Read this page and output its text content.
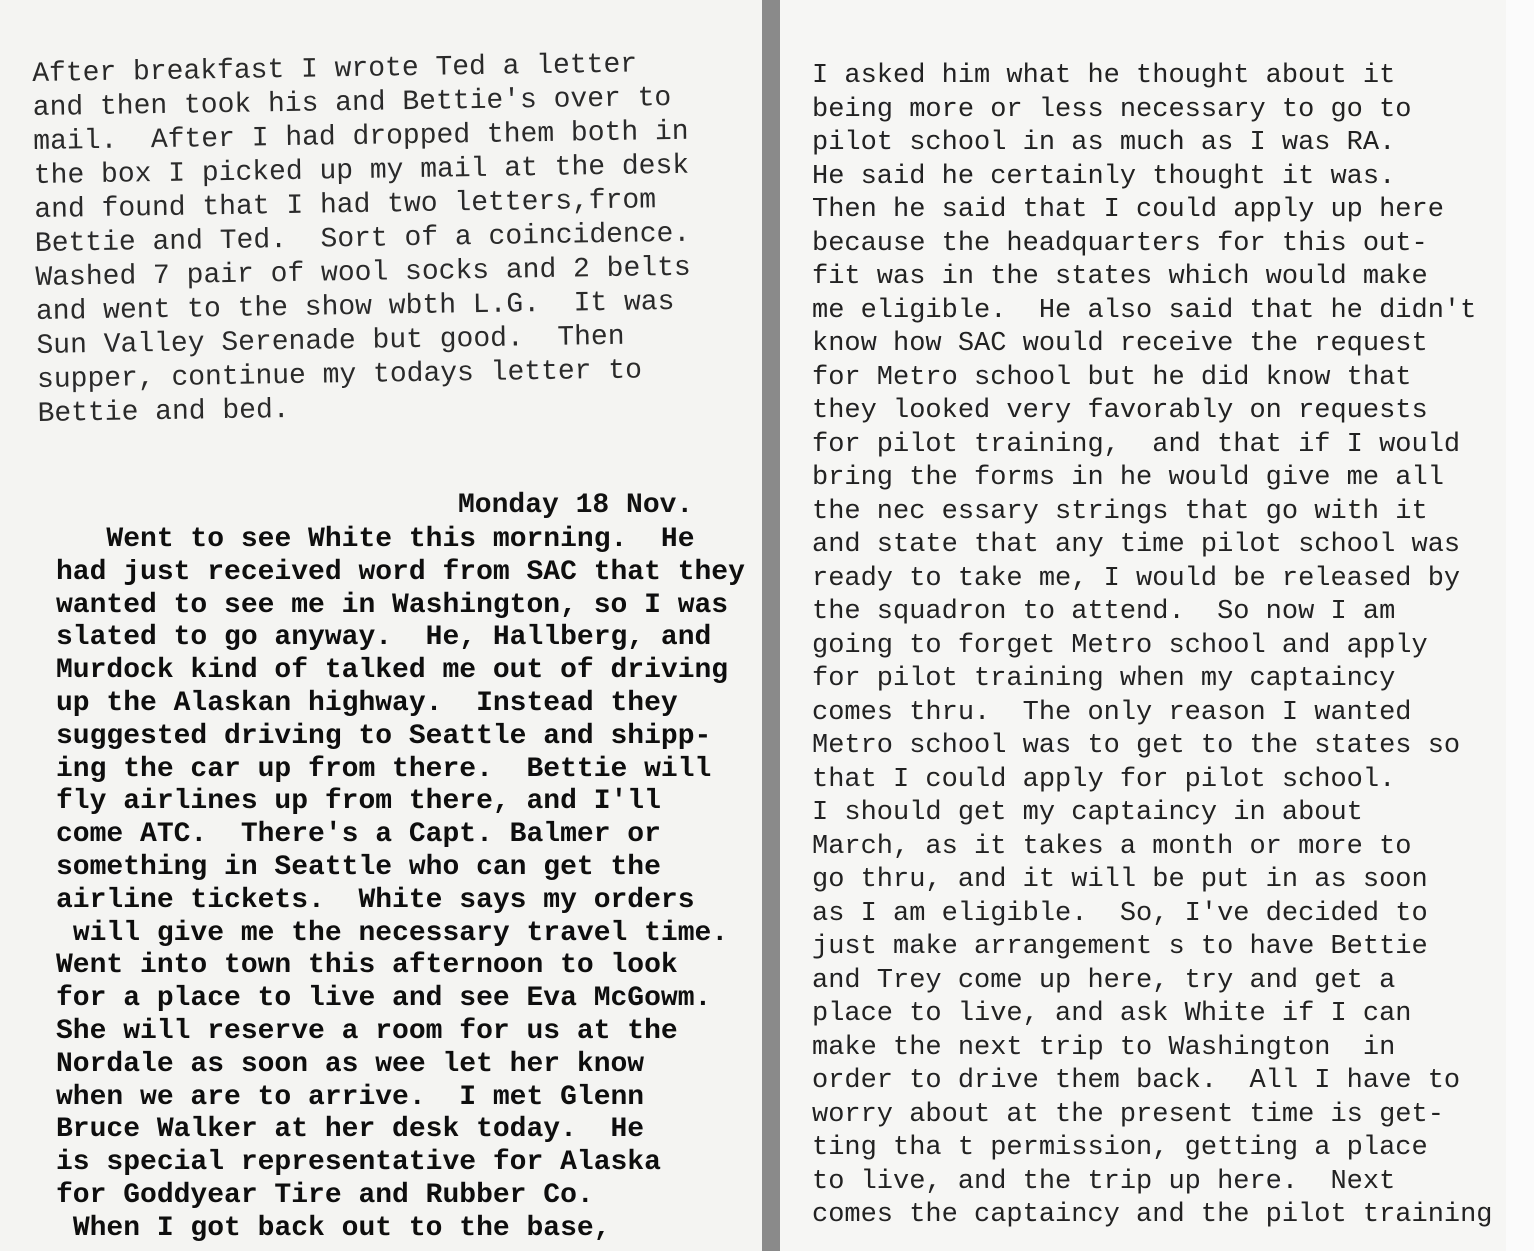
After breakfast I wrote Ted a letter
and then took his and Bettie's over to
mail.  After I had dropped them both in
the box I picked up my mail at the desk
and found that I had two letters,from
Bettie and Ted.  Sort of a coincidence.
Washed 7 pair of wool socks and 2 belts
and went to the show wbth L.G.  It was
Sun Valley Serenade but good.  Then
supper, continue my todays letter to
Bettie and bed.
Monday 18 Nov.
Went to see White this morning.  He
had just received word from SAC that they
wanted to see me in Washington, so I was
slated to go anyway.  He, Hallberg, and
Murdock kind of talked me out of driving
up the Alaskan highway.  Instead they
suggested driving to Seattle and shipp-
ing the car up from there.  Bettie will
fly airlines up from there, and I'll
come ATC.  There's a Capt. Balmer or
something in Seattle who can get the
airline tickets.  White says my orders
will give me the necessary travel time.
Went into town this afternoon to look
for a place to live and see Eva McGowm.
She will reserve a room for us at the
Nordale as soon as wee let her know
when we are to arrive.  I met Glenn
Bruce Walker at her desk today.  He
is special representative for Alaska
for Goddyear Tire and Rubber Co.
When I got back out to the base,
I asked him what he thought about it
being more or less necessary to go to
pilot school in as much as I was RA.
He said he certainly thought it was.
Then he said that I could apply up here
because the headquarters for this out-
fit was in the states which would make
me eligible.  He also said that he didn't
know how SAC would receive the request
for Metro school but he did know that
they looked very favorably on requests
for pilot training,  and that if I would
bring the forms in he would give me all
the nec essary strings that go with it
and state that any time pilot school was
ready to take me, I would be released by
the squadron to attend.  So now I am
going to forget Metro school and apply
for pilot training when my captaincy
comes thru.  The only reason I wanted
Metro school was to get to the states so
that I could apply for pilot school.
I should get my captaincy in about
March, as it takes a month or more to
go thru, and it will be put in as soon
as I am eligible.  So, I've decided to
just make arrangement s to have Bettie
and Trey come up here, try and get a
place to live, and ask White if I can
make the next trip to Washington  in
order to drive them back.  All I have to
worry about at the present time is get-
ting tha t permission, getting a place
to live, and the trip up here.  Next
comes the captaincy and the pilot training
